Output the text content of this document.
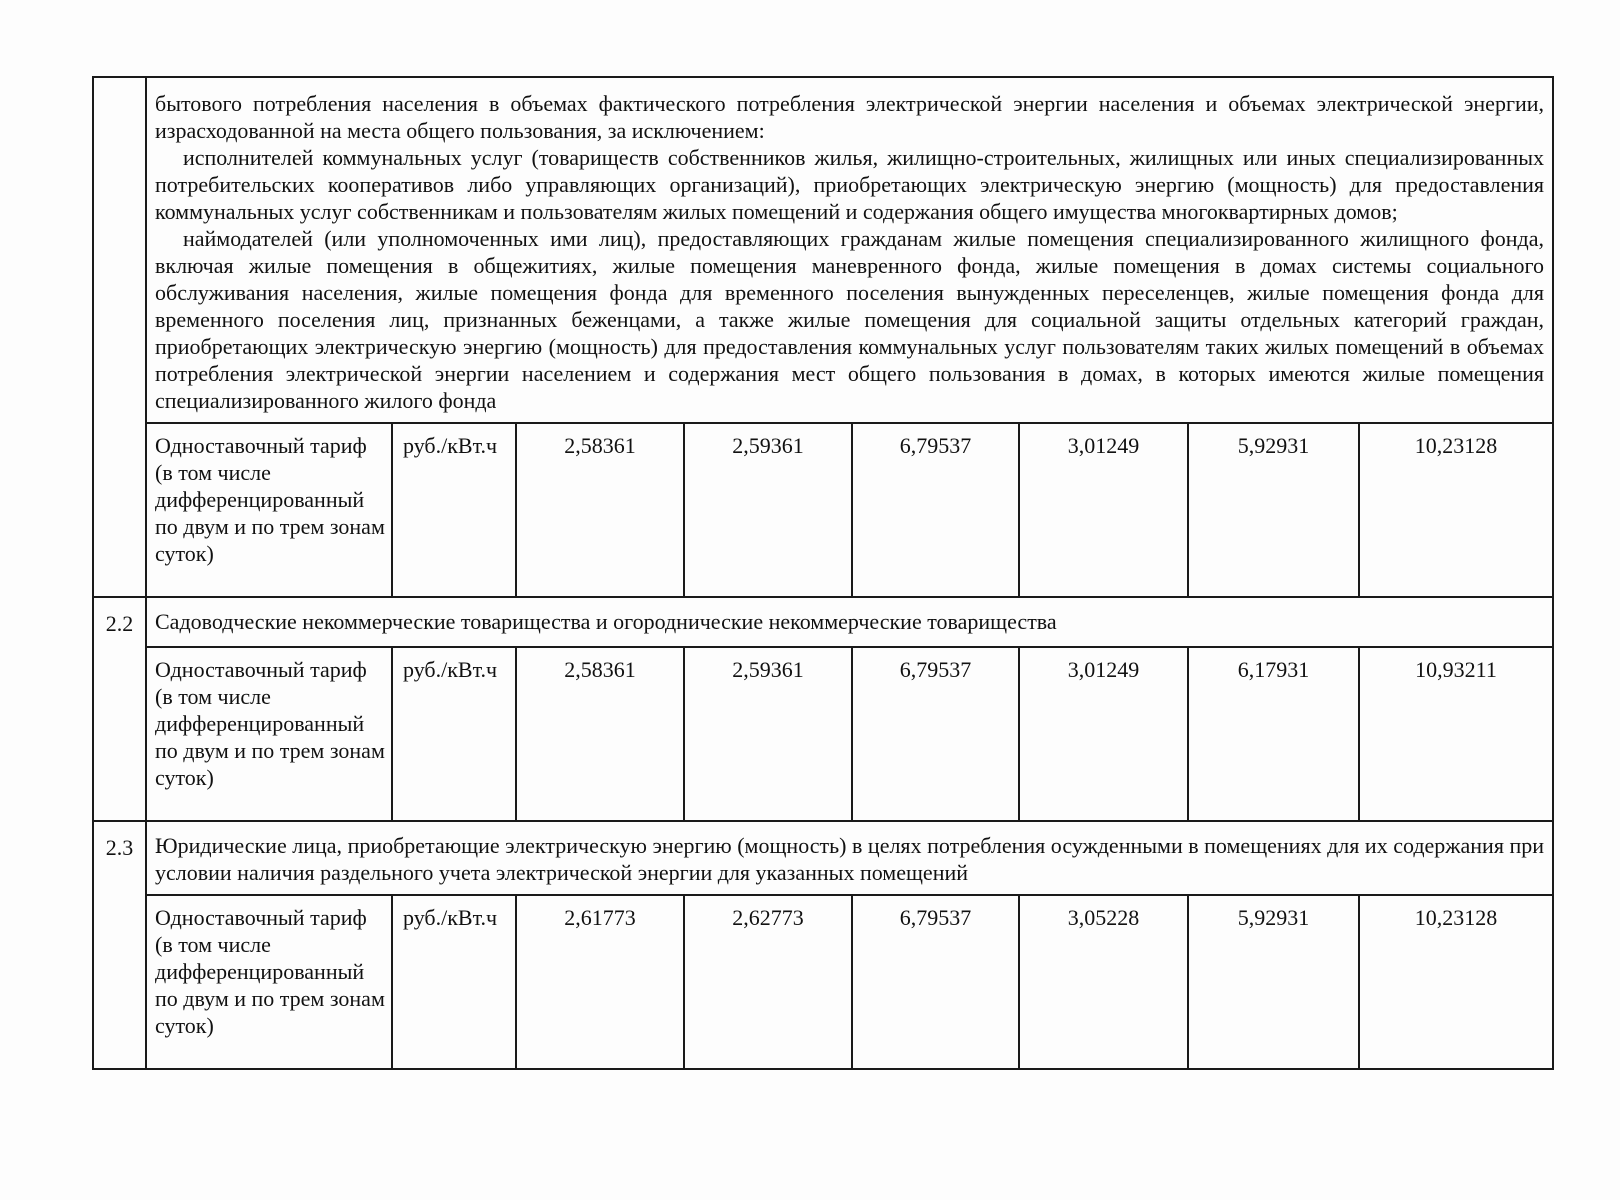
	бытового потребления населения в объемах фактического потребления электрической энергии населения и объемах электрической энергии, израсходованной на места общего пользования, за исключением:

исполнителей коммунальных услуг (товариществ собственников жилья, жилищно-строительных, жилищных или иных специализированных потребительских кооперативов либо управляющих организаций), приобретающих электрическую энергию (мощность) для предоставления коммунальных услуг собственникам и пользователям жилых помещений и содержания общего имущества многоквартирных домов;

наймодателей (или уполномоченных ими лиц), предоставляющих гражданам жилые помещения специализированного жилищного фонда, включая жилые помещения в общежитиях, жилые помещения маневренного фонда, жилые помещения в домах системы социального обслуживания населения, жилые помещения фонда для временного поселения вынужденных переселенцев, жилые помещения фонда для временного поселения лиц, признанных беженцами, а также жилые помещения для социальной защиты отдельных категорий граждан, приобретающих электрическую энергию (мощность) для предоставления коммунальных услуг пользователям таких жилых помещений в объемах потребления электрической энергии населением и содержания мест общего пользования в домах, в которых имеются жилые помещения специализированного жилого фонда							

	Одноставочный тариф (в том числе дифференцированный по двум и по трем зонам суток)	руб./кВт.ч	2,58361	2,59361	6,79537	3,01249	5,92931	10,23128
2.2	Садоводческие некоммерческие товарищества и огороднические некоммерческие товарищества							
	Одноставочный тариф (в том числе дифференцированный по двум и по трем зонам суток)	руб./кВт.ч	2,58361	2,59361	6,79537	3,01249	6,17931	10,93211
2.3	Юридические лица, приобретающие электрическую энергию (мощность) в целях потребления осужденными в помещениях для их содержания при условии наличия раздельного учета электрической энергии для указанных помещений							
	Одноставочный тариф (в том числе дифференцированный по двум и по трем зонам суток)	руб./кВт.ч	2,61773	2,62773	6,79537	3,05228	5,92931	10,23128
